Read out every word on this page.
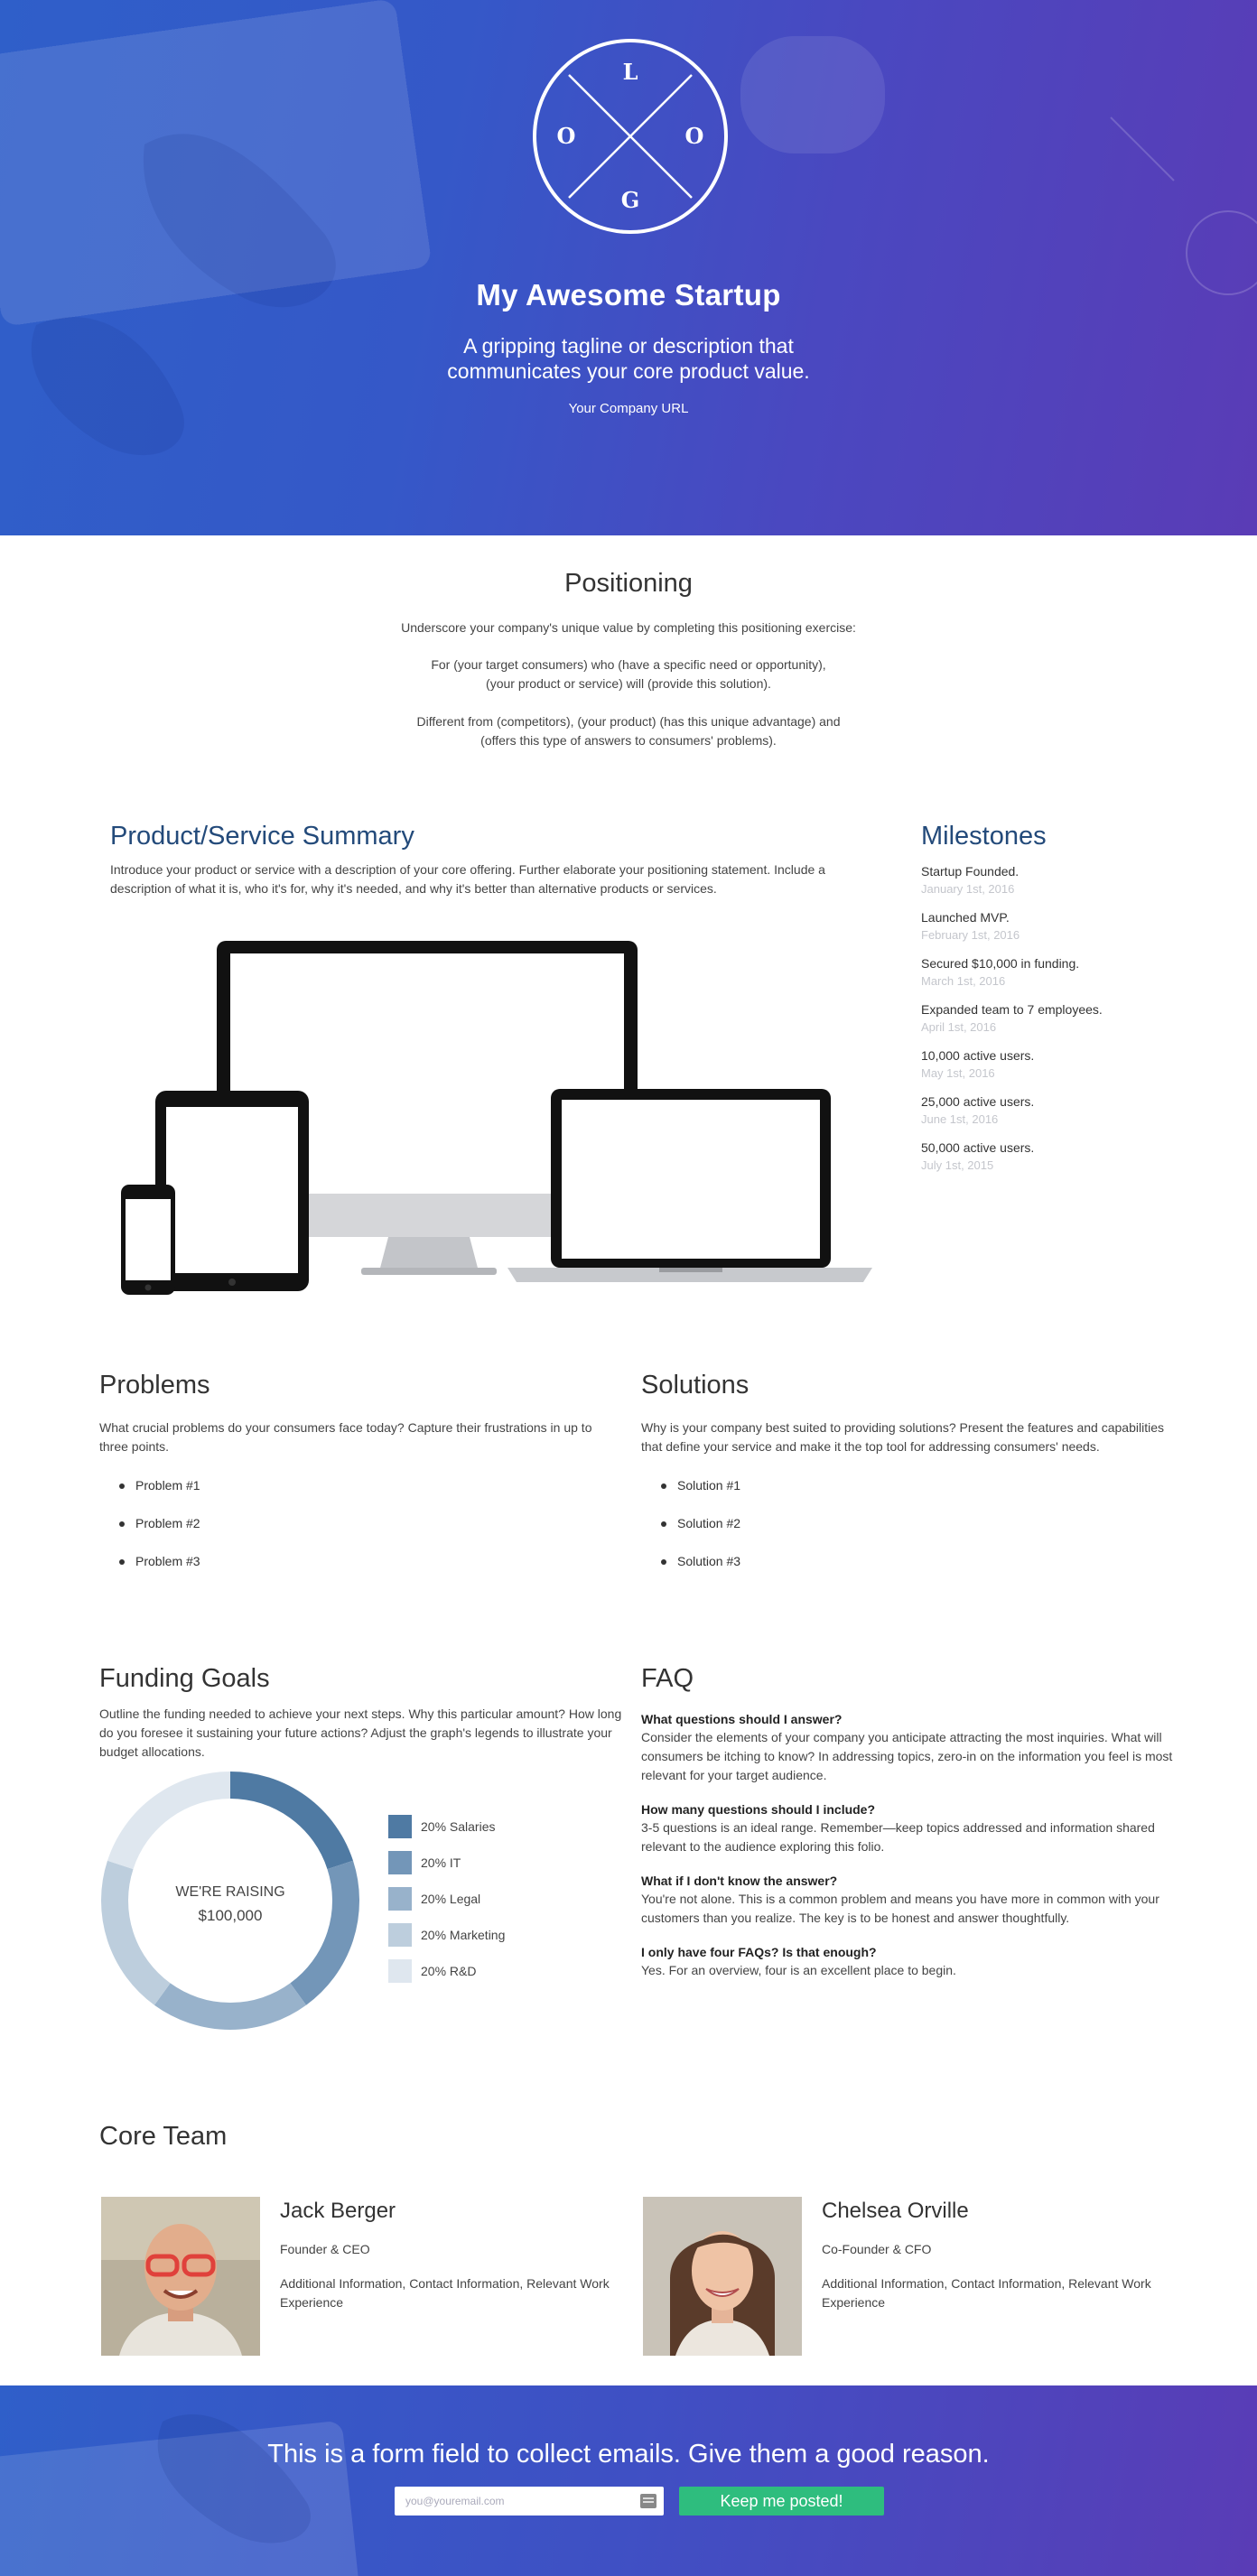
L
O	O
G
My Awesome Startup
A gripping tagline or description that communicates your core product value.
Your Company URL
Positioning

Underscore your company's unique value by completing this positioning exercise:

For (your target consumers) who (have a specific need or opportunity),

(your product or service) will (provide this solution).

Different from (competitors), (your product) (has this unique advantage) and

(offers this type of answers to consumers' problems).

Product/Service Summary

Introduce your product or service with a description of your core offering. Further elaborate your positioning statement. Include a description of what it is, who it's for, why it's needed, and why it's better than alternative products or services.

Milestones
Startup Founded.
January 1st, 2016
Launched MVP.
February 1st, 2016
Secured $10,000 in funding.
March 1st, 2016
Expanded team to 7 employees.
April 1st, 2016
10,000 active users.
May 1st, 2016
25,000 active users.
June 1st, 2016
50,000 active users.
July 1st, 2015
Problems

What crucial problems do your consumers face today? Capture their frustrations in up to three points.

Problem #1
Problem #2
Problem #3
Solutions

Why is your company best suited to providing solutions? Present the features and capabilities that define your service and make it the top tool for addressing consumers' needs.

Solution #1
Solution #2
Solution #3
Funding Goals

Outline the funding needed to achieve your next steps. Why this particular amount? How long do you foresee it sustaining your future actions? Adjust the graph's legends to illustrate your budget allocations.

WE'RE RAISING
$100,000
20% Salaries
20% IT
20% Legal
20% Marketing
20% R&D
FAQ
What questions should I answer?
Consider the elements of your company you anticipate attracting the most inquiries. What will consumers be itching to know? In addressing topics, zero-in on the information you feel is most relevant for your target audience.
How many questions should I include?
3-5 questions is an ideal range. Remember—keep topics addressed and information shared relevant to the audience exploring this folio.
What if I don't know the answer?
You're not alone. This is a common problem and means you have more in common with your customers than you realize. The key is to be honest and answer thoughtfully.
I only have four FAQs? Is that enough?
Yes. For an overview, four is an excellent place to begin.
Core Team
Jack Berger
Founder & CEO
Additional Information, Contact Information, Relevant Work Experience
Chelsea Orville
Co-Founder & CFO
Additional Information, Contact Information, Relevant Work Experience
This is a form field to collect emails. Give them a good reason.
you@youremail.com
Keep me posted!
